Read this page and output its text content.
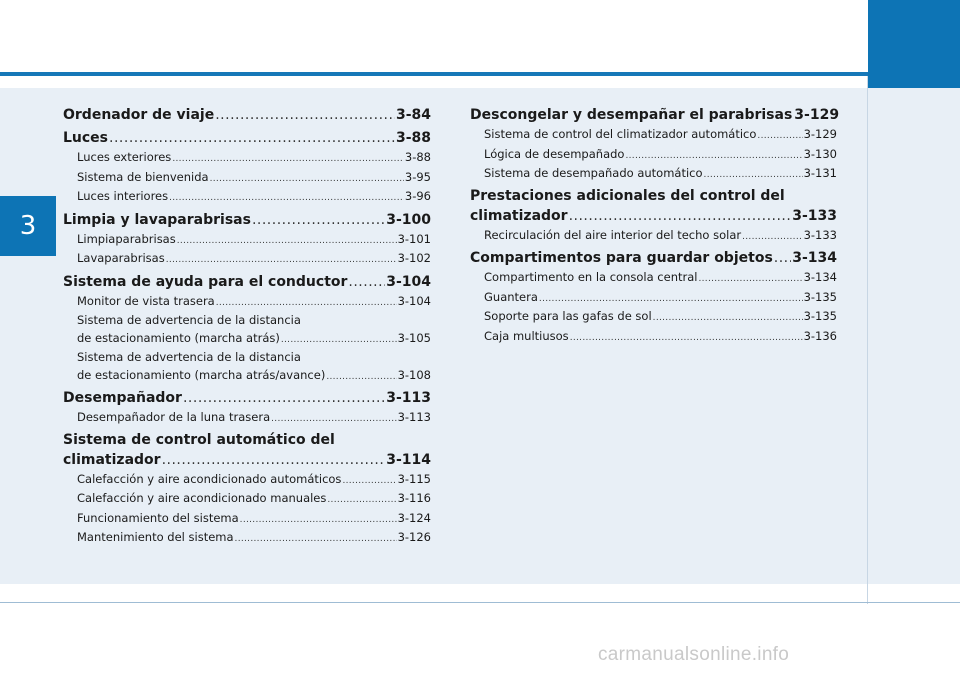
3
Ordenador de viaje .....	3-84
Luces .....	3-88
Luces exteriores .....	3-88
Sistema de bienvenida .....	3-95
Luces interiores .....	3-96
Limpia y lavaparabrisas .....	3-100
Limpiaparabrisas .....	3-101
Lavaparabrisas .....	3-102
Sistema de ayuda para el conductor .....	3-104
Monitor de vista trasera .....	3-104
Sistema de advertencia de la distancia
de estacionamiento (marcha atrás) .....	3-105
Sistema de advertencia de la distancia
de estacionamiento (marcha atrás/avance) .....	3-108
Desempañador .....	3-113
Desempañador de la luna trasera .....	3-113
Sistema de control automático del
climatizador .....	3-114
Calefacción y aire acondicionado automáticos .....	3-115
Calefacción y aire acondicionado manuales .....	3-116
Funcionamiento del sistema .....	3-124
Mantenimiento del sistema .....	3-126
Descongelar y desempañar el parabrisas 3-129
Sistema de control del climatizador automático .....	3-129
Lógica de desempañado .....	3-130
Sistema de desempañado automático .....	3-131
Prestaciones adicionales del control del
climatizador .....	3-133
Recirculación del aire interior del techo solar .....	3-133
Compartimentos para guardar objetos ..... 3-134
Compartimento en la consola central .....	3-134
Guantera .....	3-135
Soporte para las gafas de sol .....	3-135
Caja multiusos .....	3-136
carmanualsonline.info
